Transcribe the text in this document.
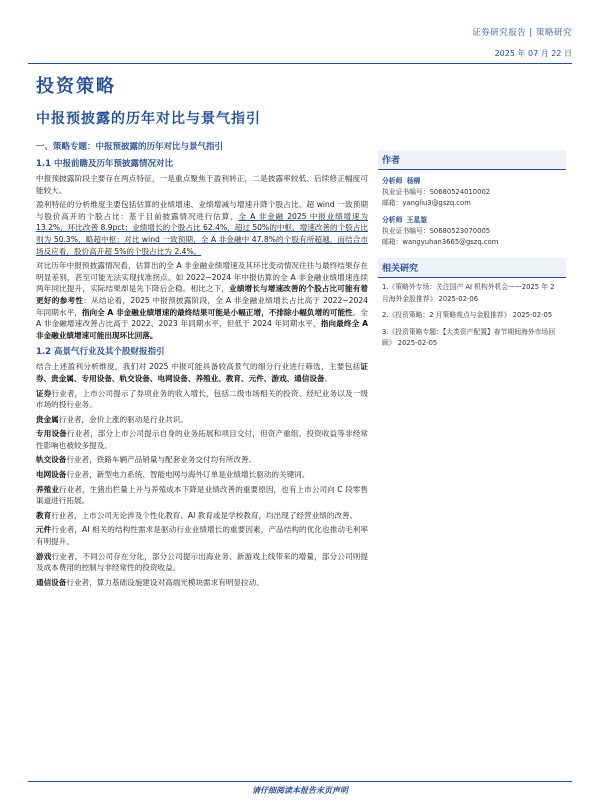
证券研究报告 | 策略研究
2025 年 07 月 22 日
投资策略
中报预披露的历年对比与景气指引
一、策略专题：中报预披露的历年对比与景气指引
1.1 中报前瞻及历年预披露情况对比

中报预披露阶段主要存在两点特征，一是重点聚焦于盈利转正，二是披露率较低、后续修正幅度可能较大。

盈利特征的分析维度主要包括估算的业绩增速、业绩增减与增速升降个股占比。超 wind 一致预期与股价高开的个股占比：基于目前披露情况进行估算，全 A 非金融 2025 中报业绩增速为 13.2%，环比改善 8.9pct；业绩增长的个股占比 62.4%，超过 50%的中枢，增速改善的个股占比则为 50.3%，略超中枢；对比 wind 一致预期，全 A 非金融中 47.8%的个股有所超越，而结合市场反应看，股价高开超 5%的个股占比为 2.4%。

对比历年中报预披露情况看，估算出的全 A 非金融业绩增速及其环比变动情况往往与最终结果存在明显差别，甚至可能无法实现找准拐点。如 2022~2024 年中报估算的全 A 非金融业绩增速连续两年同比提升，实际结果却是先下降后企稳。相比之下，业绩增长与增速改善的个股占比可能有着更好的参考性：从结论看，2025 中报预披露阶段，全 A 非金融业绩增长占比高于 2022~2024 年同期水平，指向全 A 非金融业绩增速的最终结果可能是小幅正增，不排除小幅负增的可能性。全 A 非金融增速改善占比高于 2022、2023 年同期水平，但低于 2024 年同期水平，指向最终全 A 非金融业绩增速可能出现环比回落。

1.2 高景气行业及其个股财报指引

结合上述盈利分析维度，我们对 2025 中报可能具备较高景气的细分行业进行筛选，主要包括证券、贵金属、专用设备、轨交设备、电网设备、养殖业、教育、元件、游戏、通信设备。

证券行业者，上市公司提示了券项业务的收入增长，包括二级市场相关的投资、经纪业务以及一级市场的投行业务。

贵金属行业者，金价上涨的驱动是行业共识。

专用设备行业者，部分上市公司提示自身的业务拓展和项目交付，但资产重组、投资收益等非经常性影响也被较多提及。

轨交设备行业者，铁路车辆产品销量与配套业务交付均有所改善。

电网设备行业者，新型电力系统、智能电网与海外订单是业绩增长驱动的关键词。

养殖业行业者，生猪出栏量上升与养殖成本下降是业绩改善的重要原因，也有上市公司向 C 段零售渠道进行拓展。

教育行业者，上市公司无论涉及个性化教育、AI 教育或是学校教育，均出现了经营业绩的改善。

元件行业者，AI 相关的结构性需求是驱动行业业绩增长的重要因素，产品结构的优化也推动毛利率有明提升。

游戏行业者，不同公司存在分化，部分公司提示出海业务、新游戏上线带来的增量，部分公司则提及成本费用的控制与非经常性的投资收益。

通信设备行业者，算力基础设施建设对高端光模块需求有明显拉动。

作者
分析师 杨柳
执业证书编号：S0680524010002
邮箱：yangliu3@gszq.com
分析师 王星鉴
执业证书编号：S0680523070005
邮箱：wangyuhan3665@gszq.com
相关研究
1.《策略外专场：关注国产 AI 机构外机会——2025 年 2 月海外金股推荐》 2025-02-06
2.《投资策略：2 月策略观点与金股推荐》 2025-02-05
3.《投资策略专题：【大类资产配置】春节期间海外市场回顾》 2025-02-05
请仔细阅读本报告末页声明
